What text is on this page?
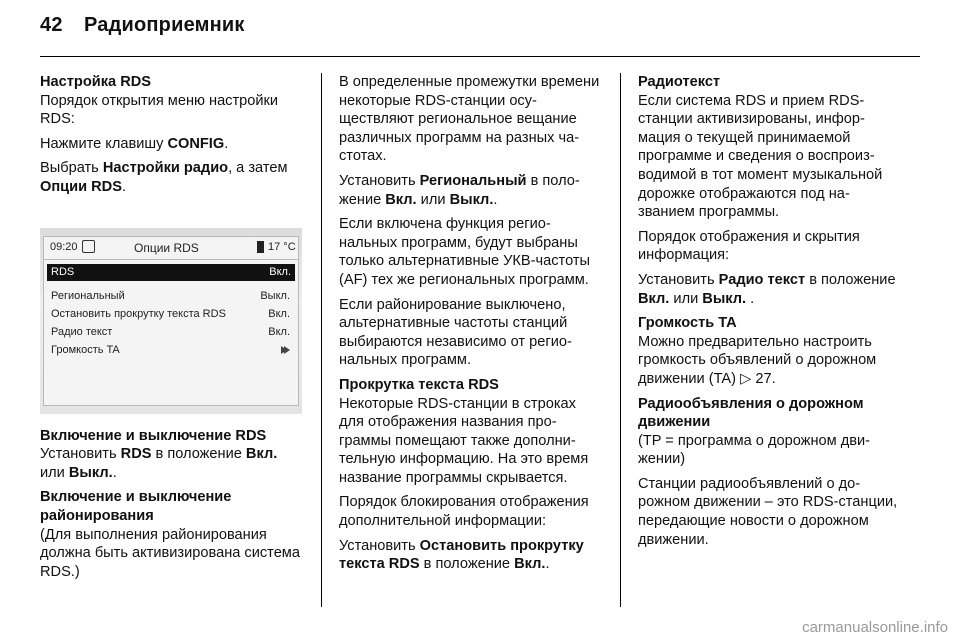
42 Радиоприемник

Настройка RDS

Порядок открытия меню настройки RDS:

Нажмите клавишу CONFIG.

Выбрать Настройки радио, а затем Опции RDS.

Включение и выключение RDS

Установить RDS в положение Вкл. или Выкл..

Включение и выключение районирования

(Для выполнения районирования должна быть активизирована система RDS.)

09:20	Опции RDS	17 °C
RDS	Вкл.
Региональный	Выкл.
Остановить прокрутку текста RDS	Вкл.
Радио текст	Вкл.
Громкость TA

В определенные промежутки времени некоторые RDS-станции осуществляют региональное вещание различных программ на разных частотах.

Установить Региональный в положение Вкл. или Выкл..

Если включена функция региональных программ, будут выбраны только альтернативные УКВ-частоты (AF) тех же региональных программ.

Если районирование выключено, альтернативные частоты станций выбираются независимо от региональных программ.

Прокрутка текста RDS

Некоторые RDS-станции в строках для отображения названия программы помещают также дополнительную информацию. На это время название программы скрывается.

Порядок блокирования отображения дополнительной информации:

Установить Остановить прокрутку текста RDS в положение Вкл..

Радиотекст

Если система RDS и прием RDS-станции активизированы, информация о текущей принимаемой программе и сведения о воспроизводимой в тот момент музыкальной дорожке отображаются под названием программы.

Порядок отображения и скрытия информация:

Установить Радио текст в положение Вкл. или Выкл. .

Громкость TA

Можно предварительно настроить громкость объявлений о дорожном движении (TA) ▷ 27.

Радиообъявления о дорожном движении

(TP = программа о дорожном движении)

Станции радиообъявлений о дорожном движении – это RDS-станции, передающие новости о дорожном движении.

carmanualsonline.info
